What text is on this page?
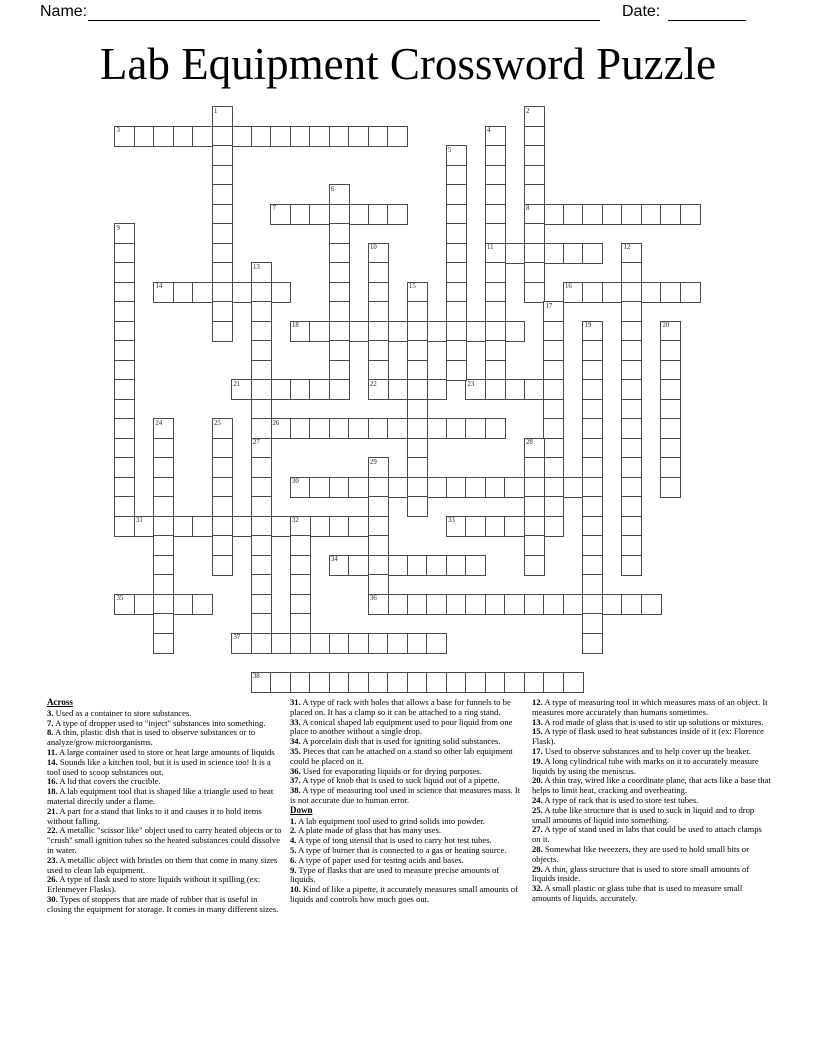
Name:	Date:
Lab Equipment Crossword Puzzle
3
7	8
11
14	16
18
21	22	23
26
30
31	33
34
35	36
37
38
1	2
4
5
6
9
10	12
13
15
17
19	20
24	25
27	28
29
32
Across
3. Used as a container to store substances.
7. A type of dropper used to "inject" substances into something.
8. A thin, plastic dish that is used to observe substances or to analyze/grow microorganisms.
11. A large container used to store or heat large amounts of liquids
14. Sounds like a kitchen tool, but it is used in science too! It is a tool used to scoop substances out.
16. A lid that covers the crucible.
18. A lab equipment tool that is shaped like a triangle used to heat material directly under a flame.
21. A part for a stand that links to it and causes it to hold items without falling.
22. A metallic "scissor like" object used to carry heated objects or to "crush" small ignition tubes so the heated substances could dissolve in water.
23. A metallic object with bristles on them that come in many sizes used to clean lab equipment.
26. A type of flask used to store liquids without it spilling (ex: Erlenmeyer Flasks).
30. Types of stoppers that are made of rubber that is useful in closing the equipment for storage. It comes in many different sizes.
31. A type of rack with holes that allows a base for funnels to be placed on. It has a clamp so it can be attached to a ring stand.
33. A conical shaped lab equipment used to pour liquid from one place to another without a single drop.
34. A porcelain dish that is used for igniting solid substances.
35. Pieces that can be attached on a stand so other lab equipment could be placed on it.
36. Used for evaporating liquids or for drying purposes.
37. A type of knob that is used to suck liquid out of a pipette.
38. A type of measuring tool used in science that measures mass. It is not accurate due to human error.
Down
1. A lab equipment tool used to grind solids into powder.
2. A plate made of glass that has many uses.
4. A type of tong utensil that is used to carry hot test tubes.
5. A type of burner that is connected to a gas or heating source.
6. A type of paper used for testing acids and bases.
9. Type of flasks that are used to measure precise amounts of liquids.
10. Kind of like a pipette, it accurately measures small amounts of liquids and controls how much goes out.
12. A type of measuring tool in which measures mass of an object. It measures more accurately than humans sometimes.
13. A rod made of glass that is used to stir up solutions or mixtures.
15. A type of flask used to heat substances inside of it (ex: Florence Flask).
17. Used to observe substances and to help cover up the beaker.
19. A long cylindrical tube with marks on it to accurately measure liquids by using the meniscus.
20. A thin tray, wired like a coordinate plane, that acts like a base that helps to limit heat, cracking and overheating.
24. A type of rack that is used to store test tubes.
25. A tube like structure that is used to suck in liquid and to drop small amounts of liquid into something.
27. A type of stand used in labs that could be used to attach clamps on it.
28. Somewhat like tweezers, they are used to hold small bits or objects.
29. A thin, glass structure that is used to store small amounts of liquids inside.
32. A small plastic or glass tube that is used to measure small amounts of liquids. accurately.
